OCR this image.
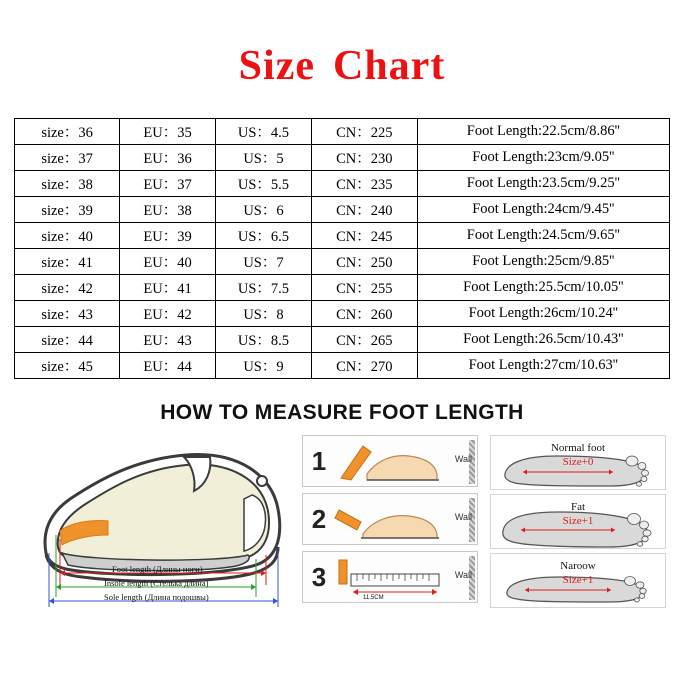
Size Chart
size：36	EU：35	US：4.5	CN：225	Foot Length:22.5cm/8.86''
size：37	EU：36	US：5	CN：230	Foot Length:23cm/9.05''
size：38	EU：37	US：5.5	CN：235	Foot Length:23.5cm/9.25''
size：39	EU：38	US：6	CN：240	Foot Length:24cm/9.45''
size：40	EU：39	US：6.5	CN：245	Foot Length:24.5cm/9.65''
size：41	EU：40	US：7	CN：250	Foot Length:25cm/9.85''
size：42	EU：41	US：7.5	CN：255	Foot Length:25.5cm/10.05''
size：43	EU：42	US：8	CN：260	Foot Length:26cm/10.24''
size：44	EU：43	US：8.5	CN：265	Foot Length:26.5cm/10.43''
size：45	EU：44	US：9	CN：270	Foot Length:27cm/10.63''
HOW TO MEASURE FOOT LENGTH
Foot length (Длины ноги)
Insole length (Стелька длина)
Sole length (Длина подошвы)
1	Wall
2	Wall
3
11.5CM
Wall
Normal foot
Size+0
Fat
Size+1
Naroow
Size+1
